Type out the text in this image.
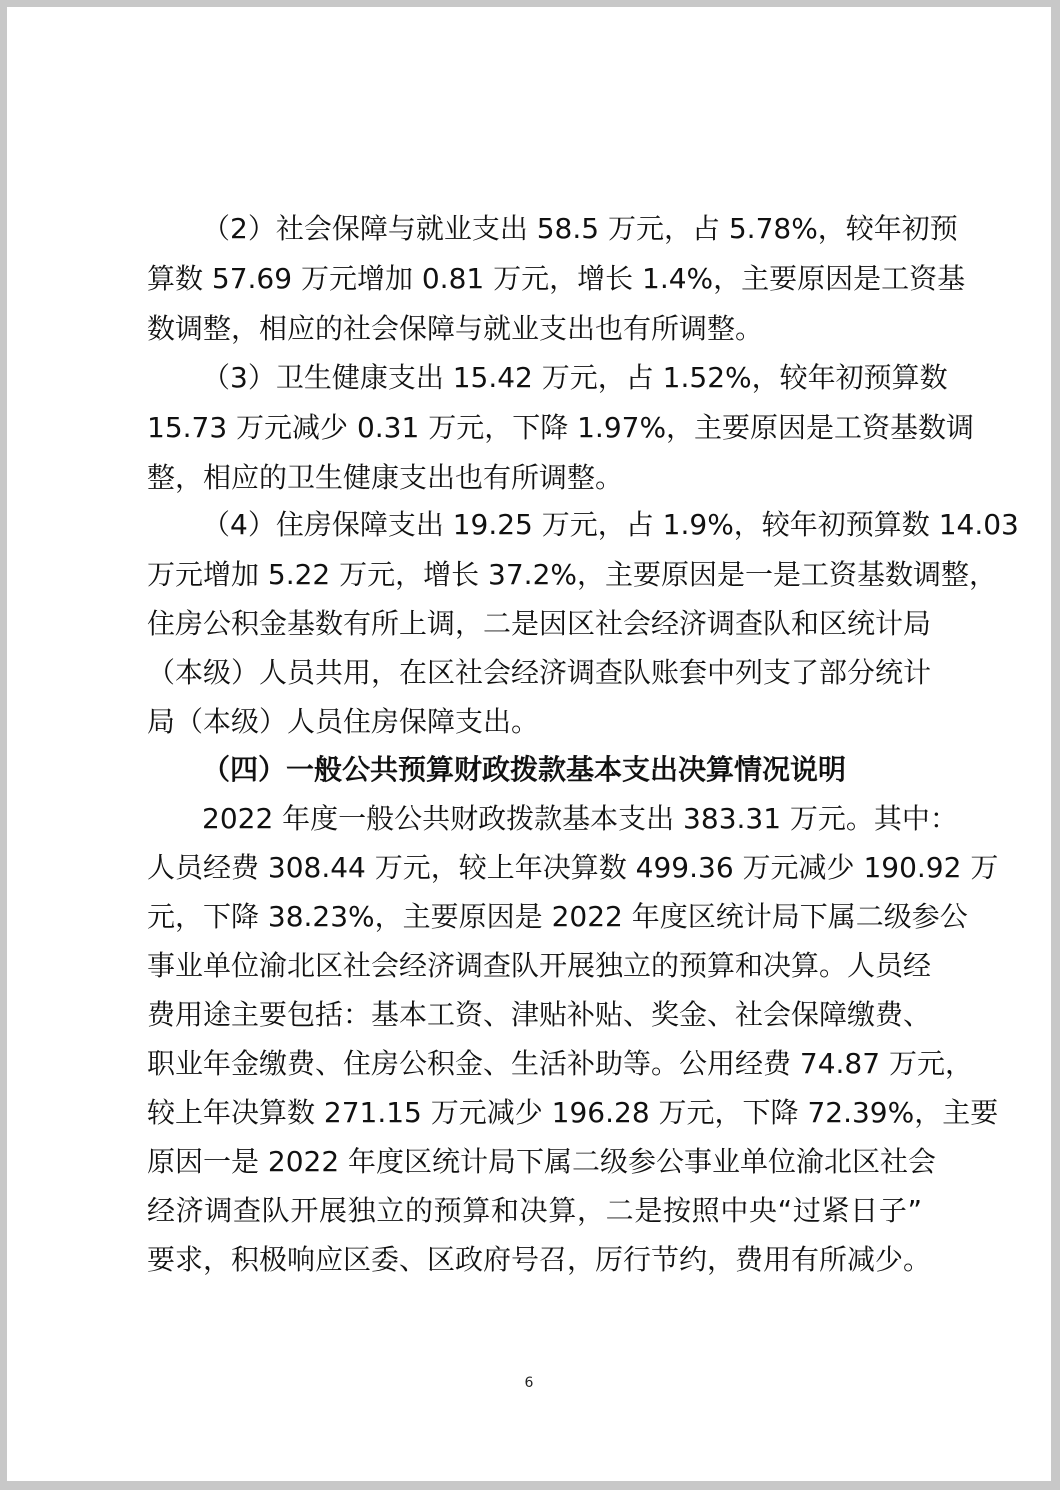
（2）社会保障与就业支出 58.5 万元，占 5.78%，较年初预
算数 57.69 万元增加 0.81 万元，增长 1.4%，主要原因是工资基
数调整，相应的社会保障与就业支出也有所调整。
（3）卫生健康支出 15.42 万元，占 1.52%，较年初预算数
15.73 万元减少 0.31 万元，下降 1.97%，主要原因是工资基数调
整，相应的卫生健康支出也有所调整。
（4）住房保障支出 19.25 万元，占 1.9%，较年初预算数 14.03
万元增加 5.22 万元，增长 37.2%，主要原因是一是工资基数调整，
住房公积金基数有所上调，二是因区社会经济调查队和区统计局
（本级）人员共用，在区社会经济调查队账套中列支了部分统计
局（本级）人员住房保障支出。
（四）一般公共预算财政拨款基本支出决算情况说明
2022 年度一般公共财政拨款基本支出 383.31 万元。其中：
人员经费 308.44 万元，较上年决算数 499.36 万元减少 190.92 万
元，下降 38.23%，主要原因是 2022 年度区统计局下属二级参公
事业单位渝北区社会经济调查队开展独立的预算和决算。人员经
费用途主要包括：基本工资、津贴补贴、奖金、社会保障缴费、
职业年金缴费、住房公积金、生活补助等。公用经费 74.87 万元，
较上年决算数 271.15 万元减少 196.28 万元，下降 72.39%，主要
原因一是 2022 年度区统计局下属二级参公事业单位渝北区社会
经济调查队开展独立的预算和决算，二是按照中央“过紧日子”
要求，积极响应区委、区政府号召，厉行节约，费用有所减少。
6
